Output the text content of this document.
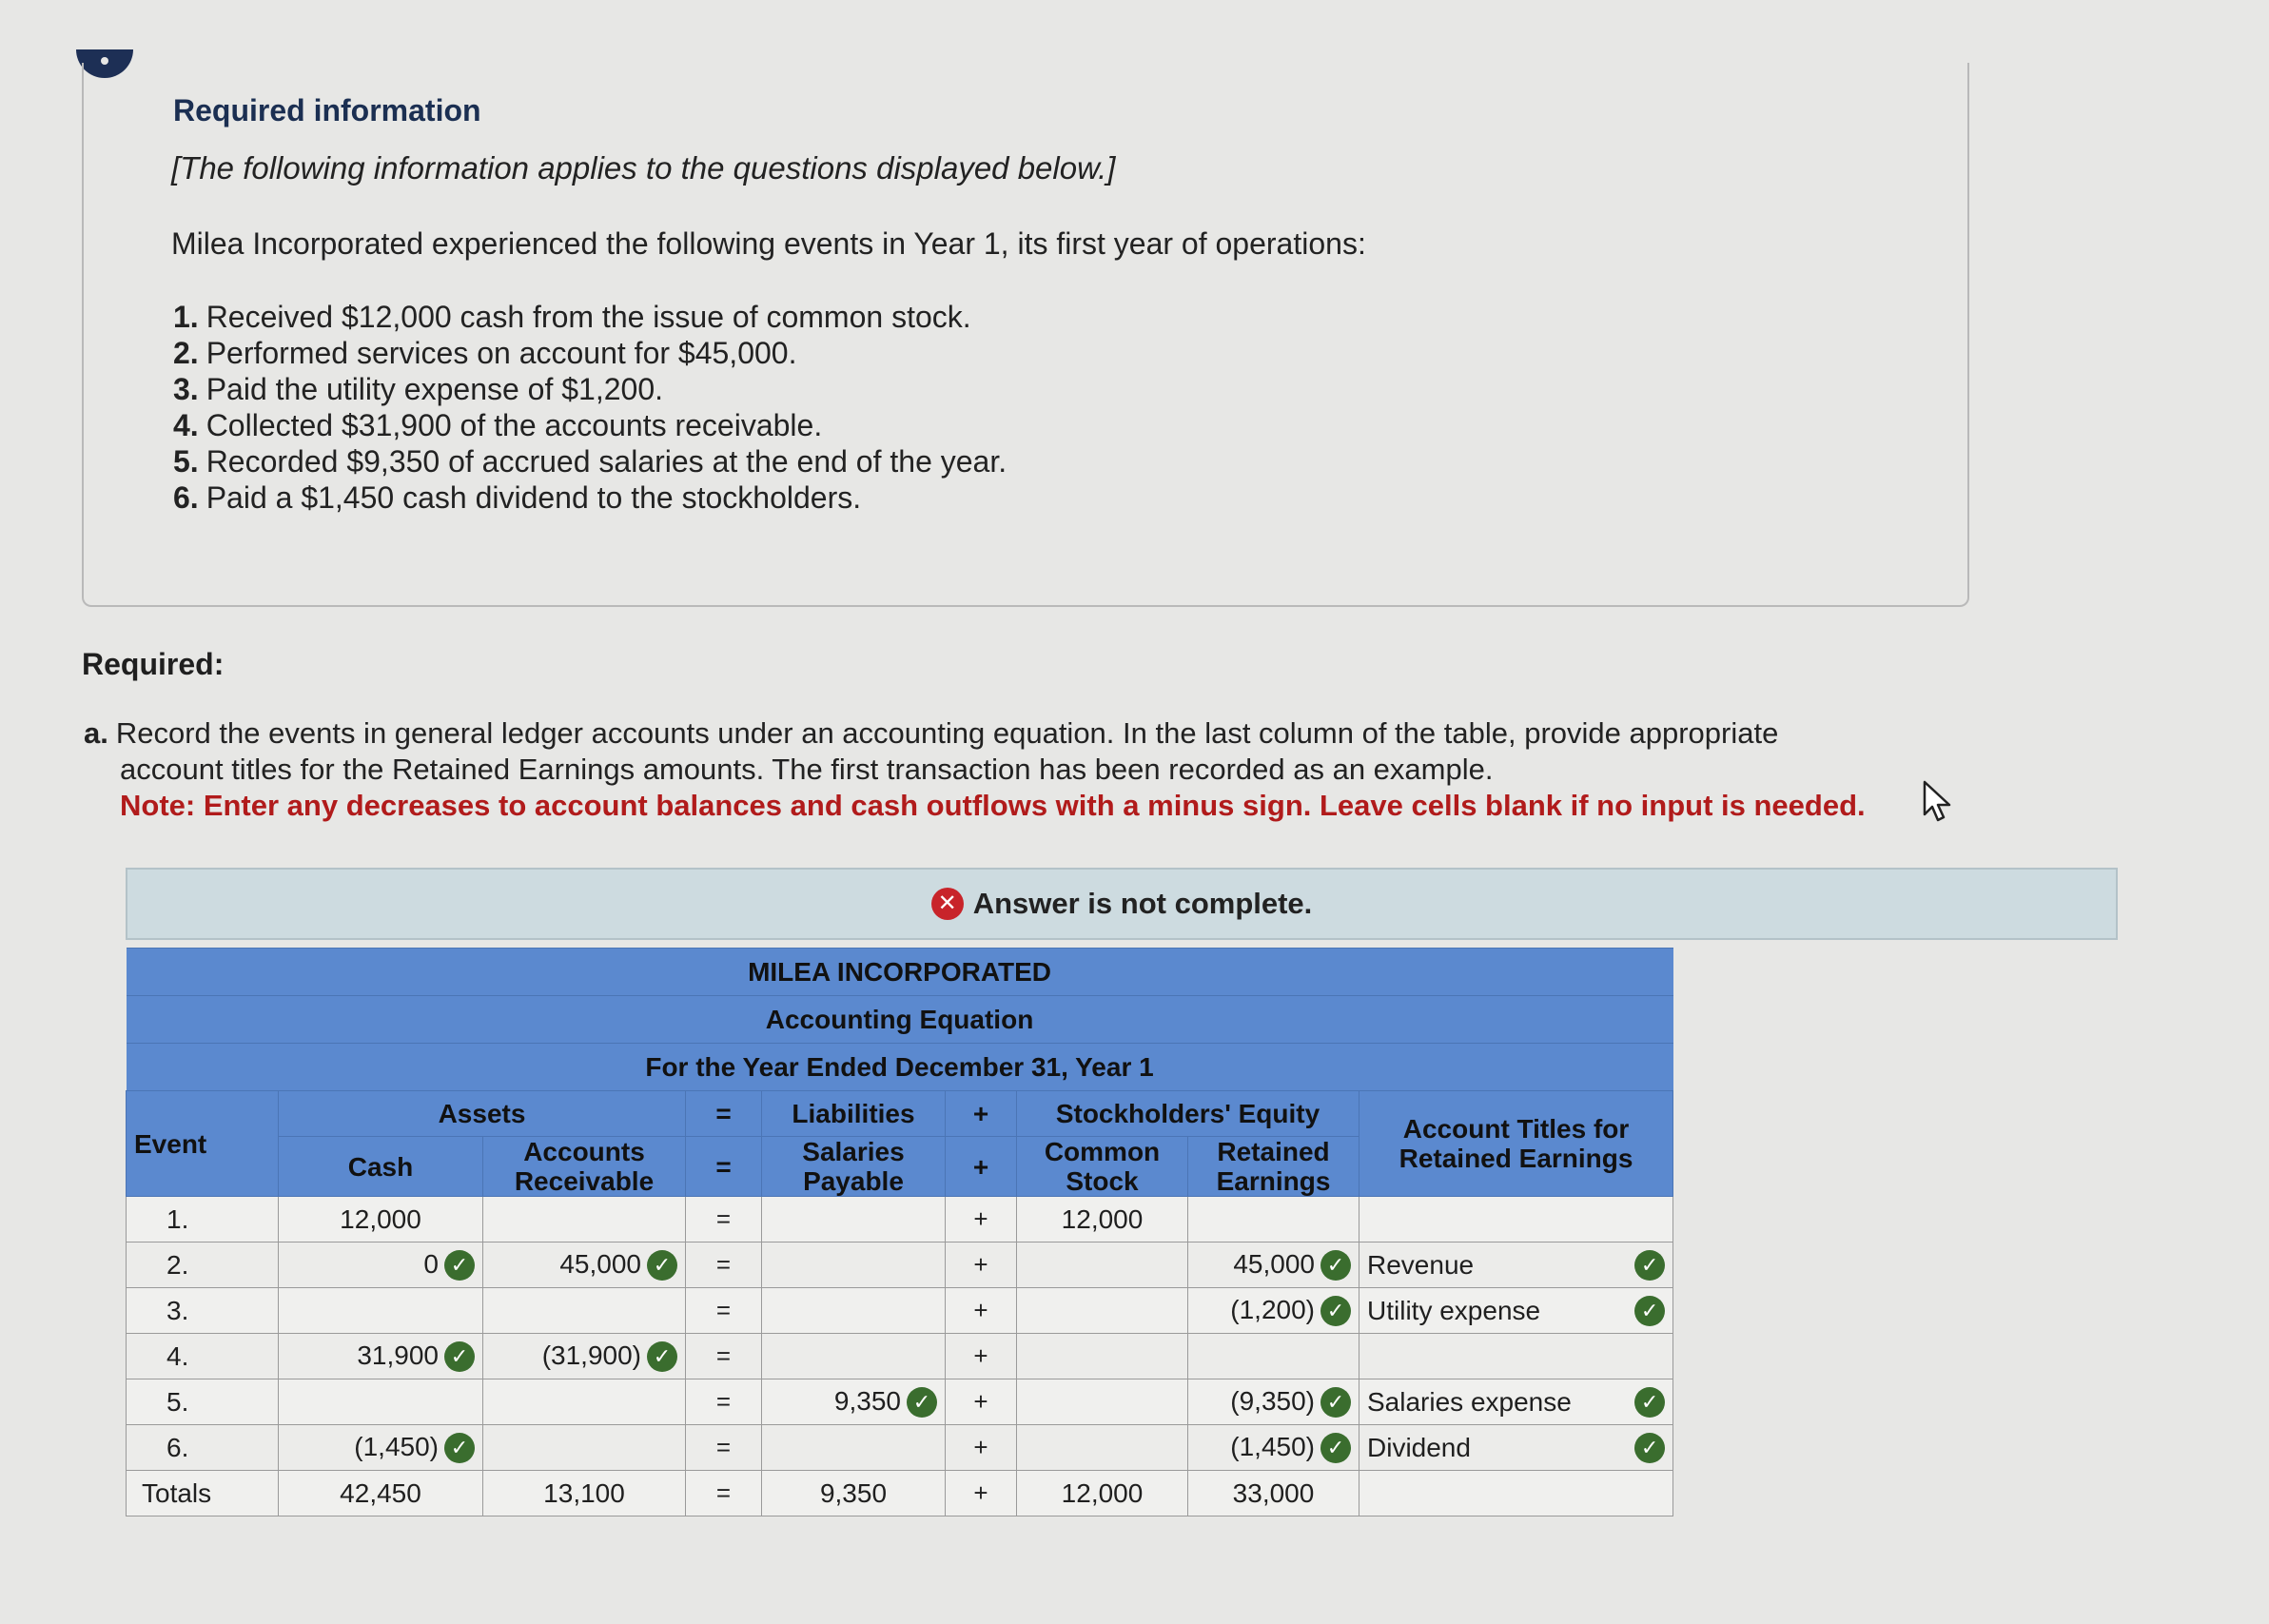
Required information
[The following information applies to the questions displayed below.]
Milea Incorporated experienced the following events in Year 1, its first year of operations:
1. Received $12,000 cash from the issue of common stock.
2. Performed services on account for $45,000.
3. Paid the utility expense of $1,200.
4. Collected $31,900 of the accounts receivable.
5. Recorded $9,350 of accrued salaries at the end of the year.
6. Paid a $1,450 cash dividend to the stockholders.
Required:
a. Record the events in general ledger accounts under an accounting equation. In the last column of the table, provide appropriate
account titles for the Retained Earnings amounts. The first transaction has been recorded as an example.
Note: Enter any decreases to account balances and cash outflows with a minus sign. Leave cells blank if no input is needed.
✕ Answer is not complete.
MILEA INCORPORATED								
Accounting Equation								
For the Year Ended December 31, Year 1								
Event	Assets		=	Liabilities	+	Stockholders' Equity		Account Titles for Retained Earnings
	Cash	Accounts Receivable	=	Salaries Payable	+	Common Stock	Retained Earnings	
1.	12,000		=		+	12,000		
2.	0 ✓	45,000 ✓	=		+		45,000 ✓	Revenue ✓

3.			=		+		(1,200) ✓	Utility expense ✓

4.	31,900 ✓	(31,900) ✓	=		+			
5.			=	9,350 ✓	+		(9,350) ✓	Salaries expense ✓

6.	(1,450) ✓		=		+		(1,450) ✓	Dividend ✓

Totals	42,450	13,100	=	9,350	+	12,000	33,000	
